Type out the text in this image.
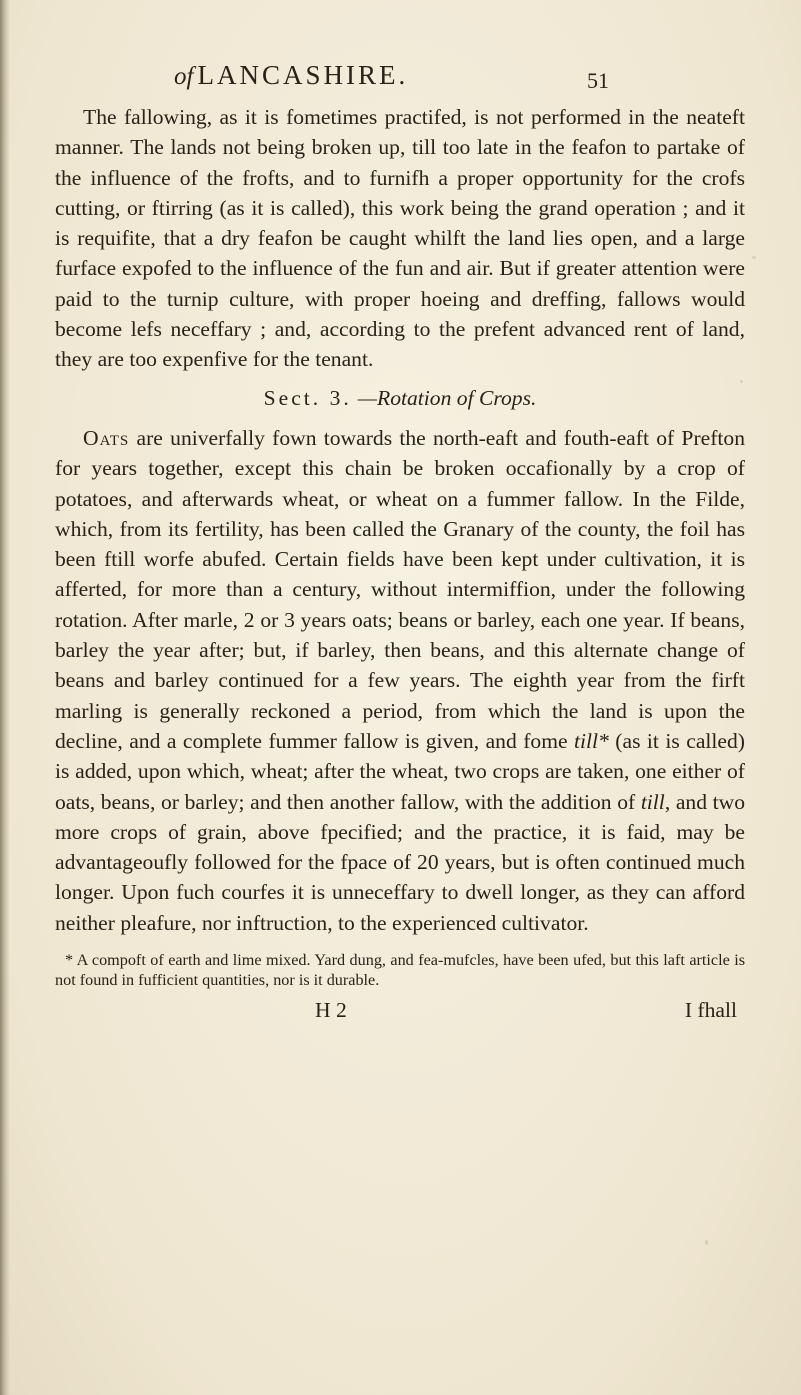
of LANCASHIRE.	51

The fallowing, as it is fometimes practifed, is not performed in the neateft manner. The lands not being broken up, till too late in the feafon to partake of the influence of the frofts, and to furnifh a proper opportunity for the crofs cutting, or ftirring (as it is called), this work being the grand operation ; and it is requifite, that a dry feafon be caught whilft the land lies open, and a large furface expofed to the influence of the fun and air. But if greater attention were paid to the turnip culture, with proper hoeing and dreffing, fallows would become lefs neceffary ; and, according to the prefent advanced rent of land, they are too expenfive for the tenant.

Sect. 3. —Rotation of Crops.

Oats are univerfally fown towards the north-eaft and fouth-eaft of Prefton for years together, except this chain be broken occafionally by a crop of potatoes, and afterwards wheat, or wheat on a fummer fallow. In the Filde, which, from its fertility, has been called the Granary of the county, the foil has been ftill worfe abufed. Certain fields have been kept under cultivation, it is afferted, for more than a century, without intermiffion, under the following rotation. After marle, 2 or 3 years oats; beans or barley, each one year. If beans, barley the year after; but, if barley, then beans, and this alternate change of beans and barley continued for a few years. The eighth year from the firft marling is generally reckoned a period, from which the land is upon the decline, and a complete fummer fallow is given, and fome till* (as it is called) is added, upon which, wheat; after the wheat, two crops are taken, one either of oats, beans, or barley; and then another fallow, with the addition of till, and two more crops of grain, above fpecified; and the practice, it is faid, may be advantageoufly followed for the fpace of 20 years, but is often continued much longer. Upon fuch courfes it is unneceffary to dwell longer, as they can afford neither pleafure, nor inftruction, to the experienced cultivator.

* A compoft of earth and lime mixed. Yard dung, and fea-mufcles, have been ufed, but this laft article is not found in fufficient quantities, nor is it durable.

H 2	I fhall
